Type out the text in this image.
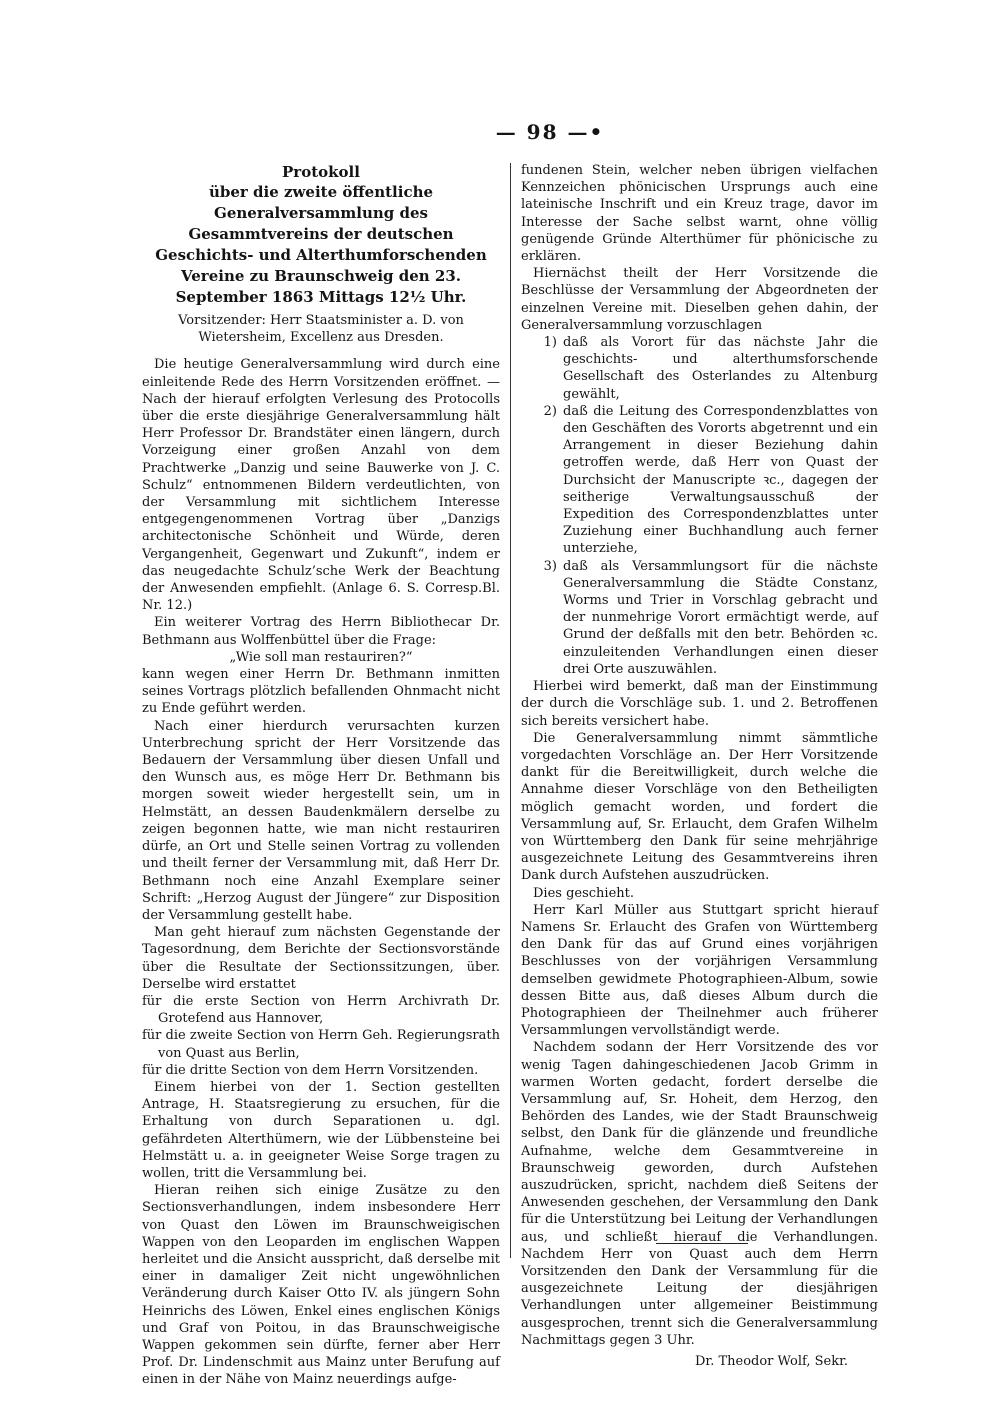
— 98 —•
Protokoll
über die zweite öffentliche Generalversammlung des Gesammtvereins der deutschen Geschichts- und Alterthumforschenden Vereine zu Braunschweig den 23. September 1863 Mittags 12½ Uhr.
Vorsitzender: Herr Staatsminister a. D. von Wietersheim, Excellenz aus Dresden.

Die heutige Generalversammlung wird durch eine einleitende Rede des Herrn Vorsitzenden eröffnet. — Nach der hierauf erfolgten Verlesung des Protocolls über die erste diesjährige Generalversammlung hält Herr Professor Dr. Brandstäter einen längern, durch Vorzeigung einer großen Anzahl von dem Prachtwerke „Danzig und seine Bauwerke von J. C. Schulz“ entnommenen Bildern verdeutlichten, von der Versammlung mit sichtlichem Interesse entgegengenommenen Vortrag über „Danzigs architectonische Schönheit und Würde, deren Vergangenheit, Gegenwart und Zukunft“, indem er das neugedachte Schulz’sche Werk der Beachtung der Anwesenden empfiehlt. (Anlage 6. S. Corresp.Bl. Nr. 12.)

Ein weiterer Vortrag des Herrn Bibliothecar Dr. Bethmann aus Wolffenbüttel über die Frage:

„Wie soll man restauriren?“

kann wegen einer Herrn Dr. Bethmann inmitten seines Vortrags plötzlich befallenden Ohnmacht nicht zu Ende geführt werden.

Nach einer hierdurch verursachten kurzen Unterbrechung spricht der Herr Vorsitzende das Bedauern der Versammlung über diesen Unfall und den Wunsch aus, es möge Herr Dr. Bethmann bis morgen soweit wieder hergestellt sein, um in Helmstätt, an dessen Baudenkmälern derselbe zu zeigen begonnen hatte, wie man nicht restauriren dürfe, an Ort und Stelle seinen Vortrag zu vollenden und theilt ferner der Versammlung mit, daß Herr Dr. Bethmann noch eine Anzahl Exemplare seiner Schrift: „Herzog August der Jüngere“ zur Disposition der Versammlung gestellt habe.

Man geht hierauf zum nächsten Gegenstande der Tagesordnung, dem Berichte der Sectionsvorstände über die Resultate der Sectionssitzungen, über. Derselbe wird erstattet

für die erste Section von Herrn Archivrath Dr. Grotefend aus Hannover,

für die zweite Section von Herrn Geh. Regierungsrath von Quast aus Berlin,

für die dritte Section von dem Herrn Vorsitzenden.

Einem hierbei von der 1. Section gestellten Antrage, H. Staatsregierung zu ersuchen, für die Erhaltung von durch Separationen u. dgl. gefährdeten Alterthümern, wie der Lübbensteine bei Helmstätt u. a. in geeigneter Weise Sorge tragen zu wollen, tritt die Versammlung bei.

Hieran reihen sich einige Zusätze zu den Sectionsverhandlungen, indem insbesondere Herr von Quast den Löwen im Braunschweigischen Wappen von den Leoparden im englischen Wappen herleitet und die Ansicht ausspricht, daß derselbe mit einer in damaliger Zeit nicht ungewöhnlichen Veränderung durch Kaiser Otto IV. als jüngern Sohn Heinrichs des Löwen, Enkel eines englischen Königs und Graf von Poitou, in das Braunschweigische Wappen gekommen sein dürfte, ferner aber Herr Prof. Dr. Lindenschmit aus Mainz unter Berufung auf einen in der Nähe von Mainz neuerdings aufge-

fundenen Stein, welcher neben übrigen vielfachen Kennzeichen phönicischen Ursprungs auch eine lateinische Inschrift und ein Kreuz trage, davor im Interesse der Sache selbst warnt, ohne völlig genügende Gründe Alterthümer für phönicische zu erklären.

Hiernächst theilt der Herr Vorsitzende die Beschlüsse der Versammlung der Abgeordneten der einzelnen Vereine mit. Dieselben gehen dahin, der Generalversammlung vorzuschlagen

1) daß als Vorort für das nächste Jahr die geschichts- und alterthumsforschende Gesellschaft des Osterlandes zu Altenburg gewählt,
2) daß die Leitung des Correspondenzblattes von den Geschäften des Vororts abgetrennt und ein Arrangement in dieser Beziehung dahin getroffen werde, daß Herr von Quast der Durchsicht der Manuscripte ꝛc., dagegen der seitherige Verwaltungsausschuß der Expedition des Correspondenzblattes unter Zuziehung einer Buchhandlung auch ferner unterziehe,
3) daß als Versammlungsort für die nächste Generalversammlung die Städte Constanz, Worms und Trier in Vorschlag gebracht und der nunmehrige Vorort ermächtigt werde, auf Grund der deßfalls mit den betr. Behörden ꝛc. einzuleitenden Verhandlungen einen dieser drei Orte auszuwählen.

Hierbei wird bemerkt, daß man der Einstimmung der durch die Vorschläge sub. 1. und 2. Betroffenen sich bereits versichert habe.

Die Generalversammlung nimmt sämmtliche vorgedachten Vorschläge an. Der Herr Vorsitzende dankt für die Bereitwilligkeit, durch welche die Annahme dieser Vorschläge von den Betheiligten möglich gemacht worden, und fordert die Versammlung auf, Sr. Erlaucht, dem Grafen Wilhelm von Württemberg den Dank für seine mehrjährige ausgezeichnete Leitung des Gesammtvereins ihren Dank durch Aufstehen auszudrücken.

Dies geschieht.

Herr Karl Müller aus Stuttgart spricht hierauf Namens Sr. Erlaucht des Grafen von Württemberg den Dank für das auf Grund eines vorjährigen Beschlusses von der vorjährigen Versammlung demselben gewidmete Photographieen-Album, sowie dessen Bitte aus, daß dieses Album durch die Photographieen der Theilnehmer auch früherer Versammlungen vervollständigt werde.

Nachdem sodann der Herr Vorsitzende des vor wenig Tagen dahingeschiedenen Jacob Grimm in warmen Worten gedacht, fordert derselbe die Versammlung auf, Sr. Hoheit, dem Herzog, den Behörden des Landes, wie der Stadt Braunschweig selbst, den Dank für die glänzende und freundliche Aufnahme, welche dem Gesammtvereine in Braunschweig geworden, durch Aufstehen auszudrücken, spricht, nachdem dieß Seitens der Anwesenden geschehen, der Versammlung den Dank für die Unterstützung bei Leitung der Verhandlungen aus, und schließt hierauf die Verhandlungen. Nachdem Herr von Quast auch dem Herrn Vorsitzenden den Dank der Versammlung für die ausgezeichnete Leitung der diesjährigen Verhandlungen unter allgemeiner Beistimmung ausgesprochen, trennt sich die Generalversammlung Nachmittags gegen 3 Uhr.

Dr. Theodor Wolf, Sekr.
